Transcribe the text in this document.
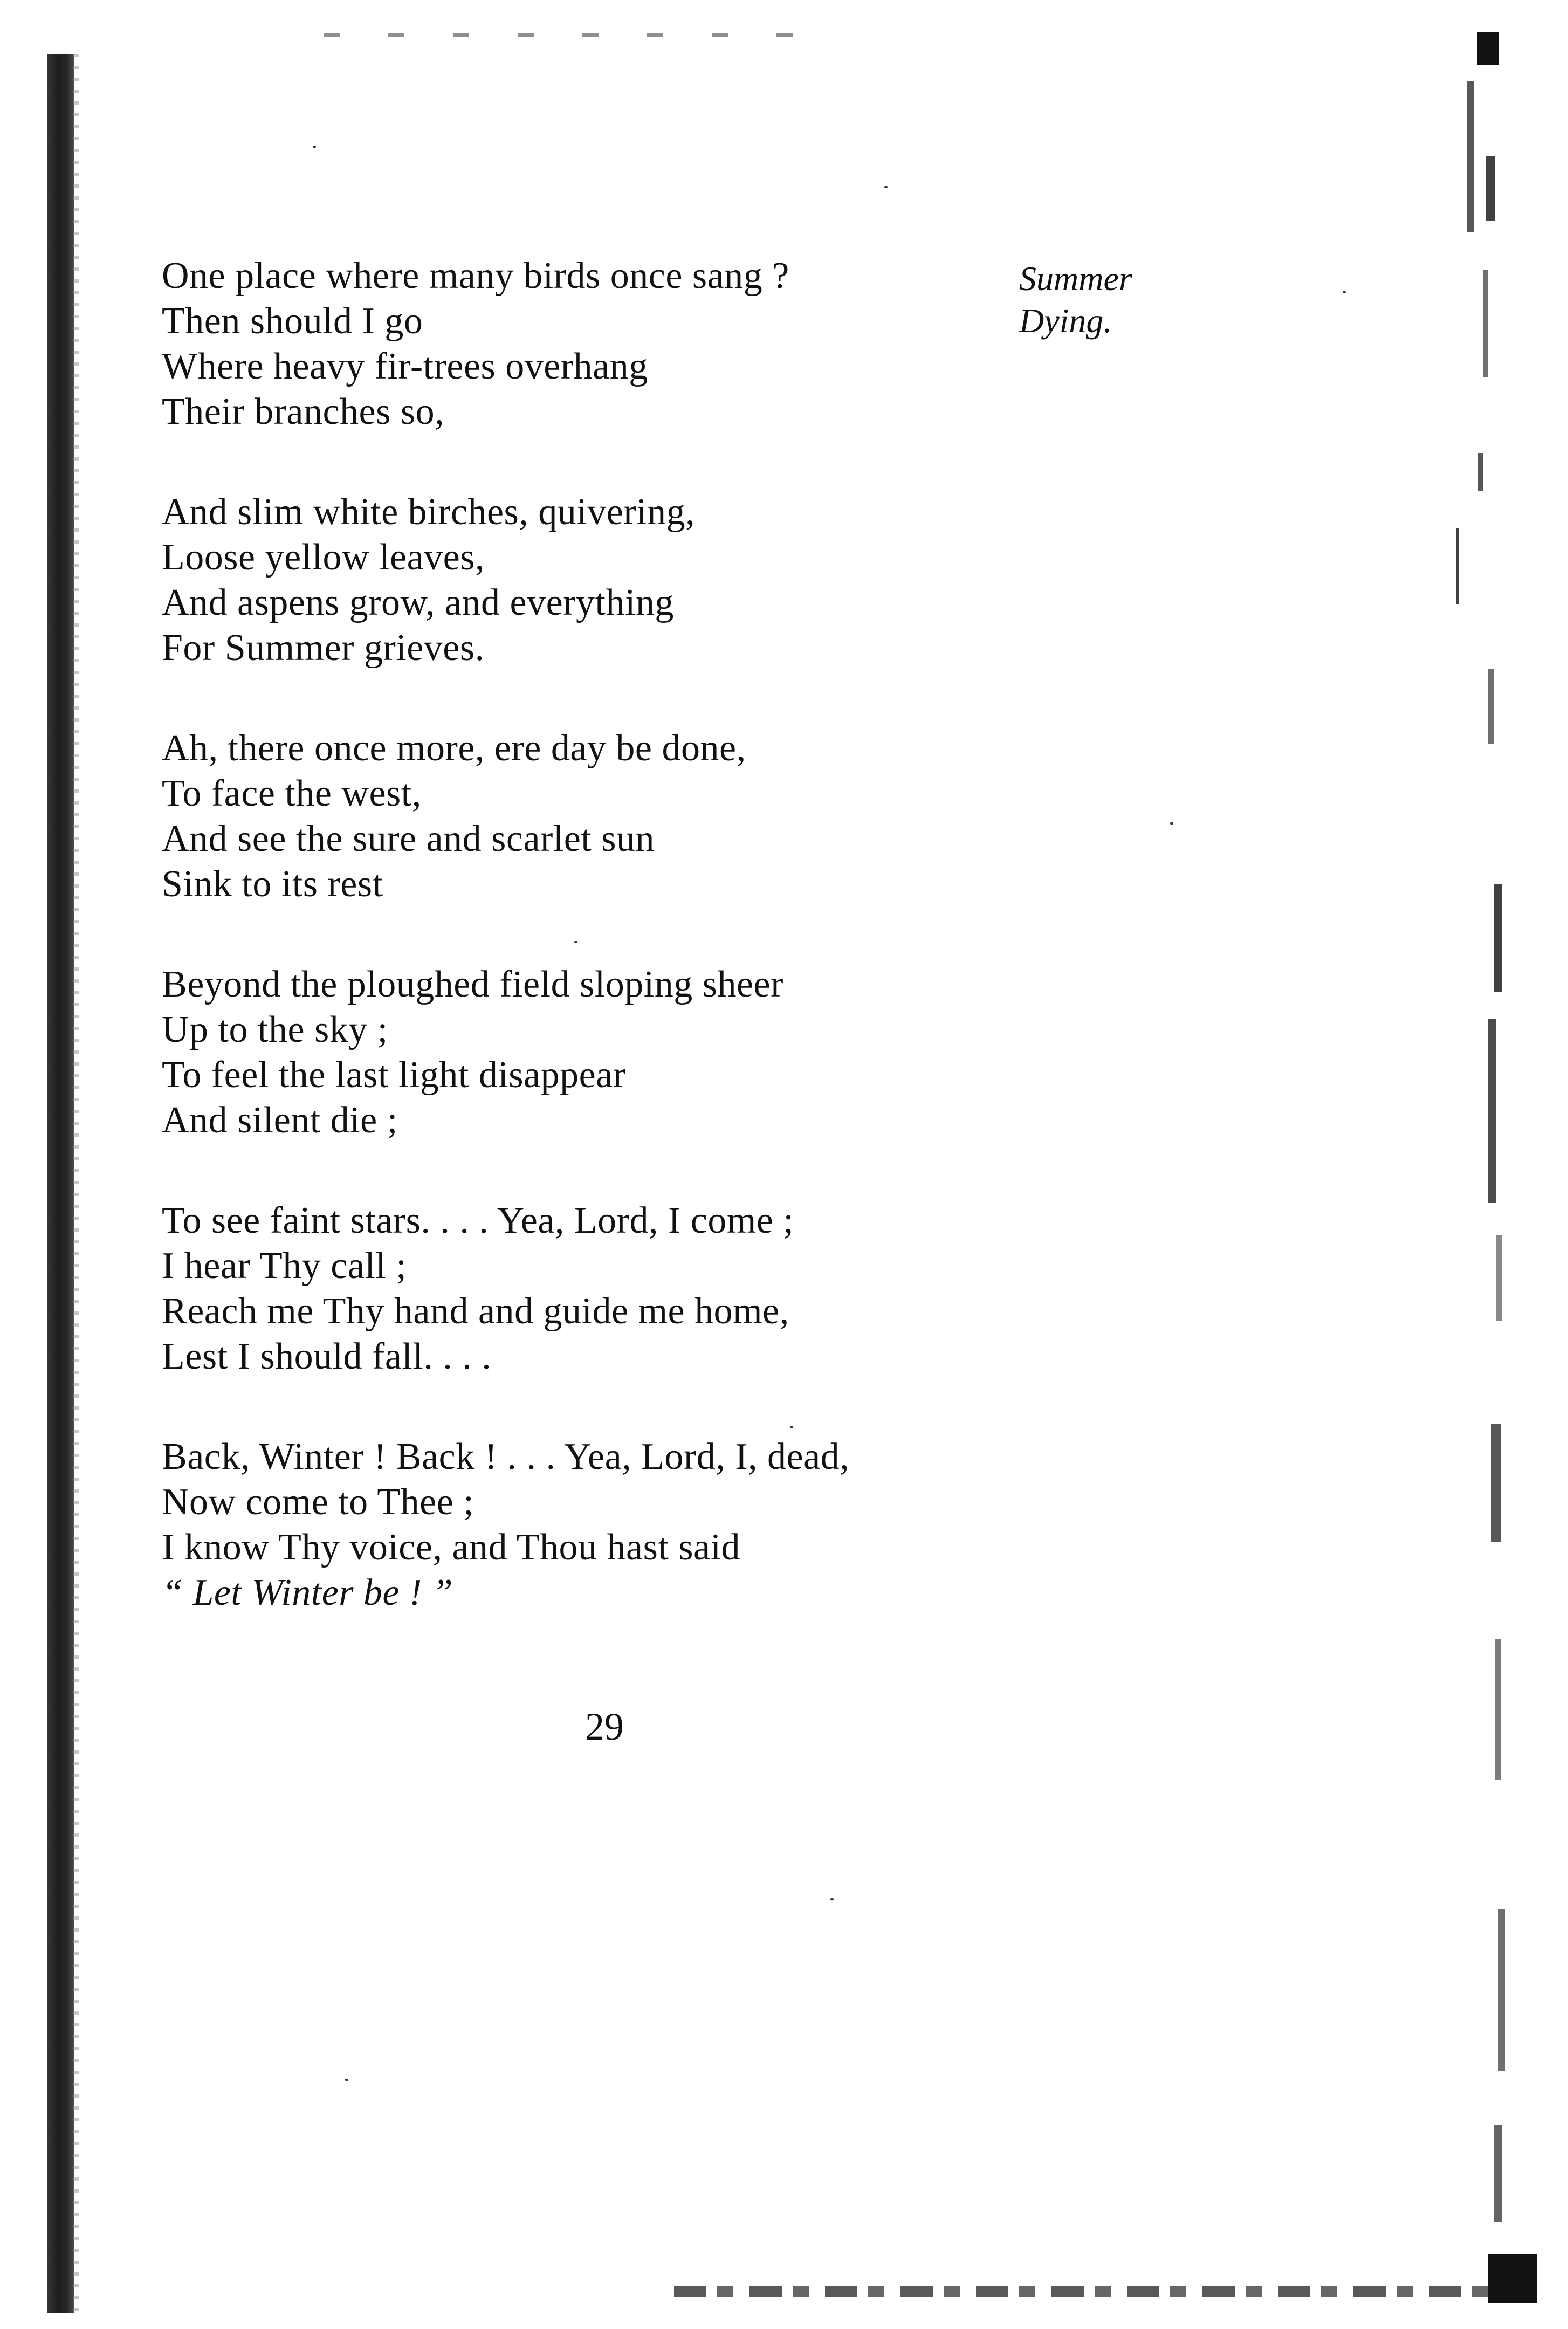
Summer
Dying.
One place where many birds once sang ?
Then should I go
Where heavy fir-trees overhang
Their branches so,
And slim white birches, quivering,
Loose yellow leaves,
And aspens grow, and everything
For Summer grieves.
Ah, there once more, ere day be done,
To face the west,
And see the sure and scarlet sun
Sink to its rest
Beyond the ploughed field sloping sheer
Up to the sky ;
To feel the last light disappear
And silent die ;
To see faint stars. . . . Yea, Lord, I come ;
I hear Thy call ;
Reach me Thy hand and guide me home,
Lest I should fall. . . .
Back, Winter ! Back ! . . . Yea, Lord, I, dead,
Now come to Thee ;
I know Thy voice, and Thou hast said
“ Let Winter be ! ”
29
